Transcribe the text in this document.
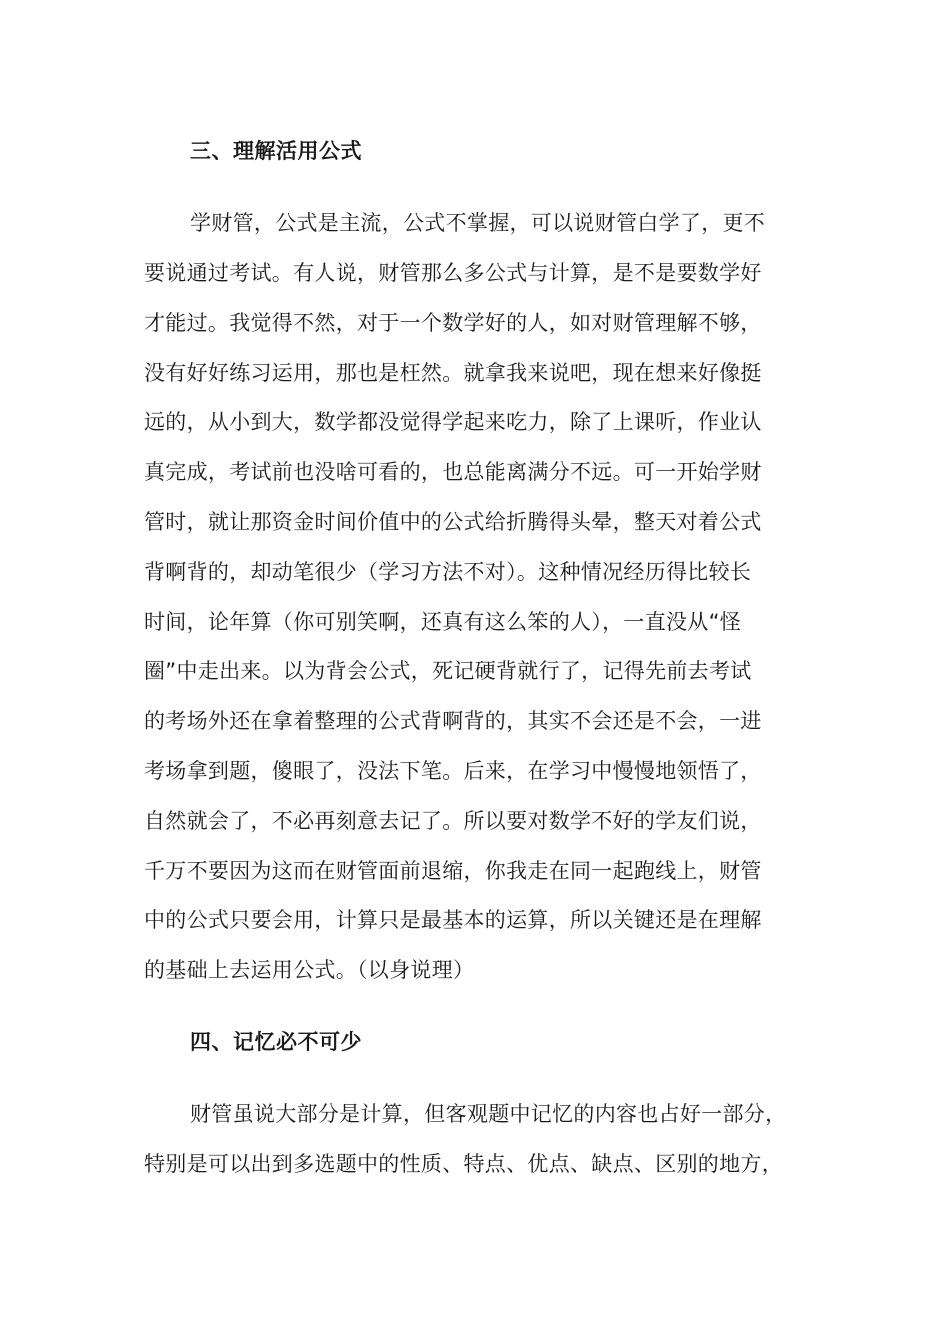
三、理解活用公式
学财管，公式是主流，公式不掌握，可以说财管白学了，更不
要说通过考试。有人说，财管那么多公式与计算，是不是要数学好
才能过。我觉得不然，对于一个数学好的人，如对财管理解不够，
没有好好练习运用，那也是枉然。就拿我来说吧，现在想来好像挺
远的，从小到大，数学都没觉得学起来吃力，除了上课听，作业认
真完成，考试前也没啥可看的，也总能离满分不远。可一开始学财
管时，就让那资金时间价值中的公式给折腾得头晕，整天对着公式
背啊背的，却动笔很少（学习方法不对）。这种情况经历得比较长
时间，论年算（你可别笑啊，还真有这么笨的人），一直没从“怪
圈”中走出来。以为背会公式，死记硬背就行了，记得先前去考试
的考场外还在拿着整理的公式背啊背的，其实不会还是不会，一进
考场拿到题，傻眼了，没法下笔。后来，在学习中慢慢地领悟了，
自然就会了，不必再刻意去记了。所以要对数学不好的学友们说，
千万不要因为这而在财管面前退缩，你我走在同一起跑线上，财管
中的公式只要会用，计算只是最基本的运算，所以关键还是在理解
的基础上去运用公式。（以身说理）
四、记忆必不可少
财管虽说大部分是计算，但客观题中记忆的内容也占好一部分，
特别是可以出到多选题中的性质、特点、优点、缺点、区别的地方，
